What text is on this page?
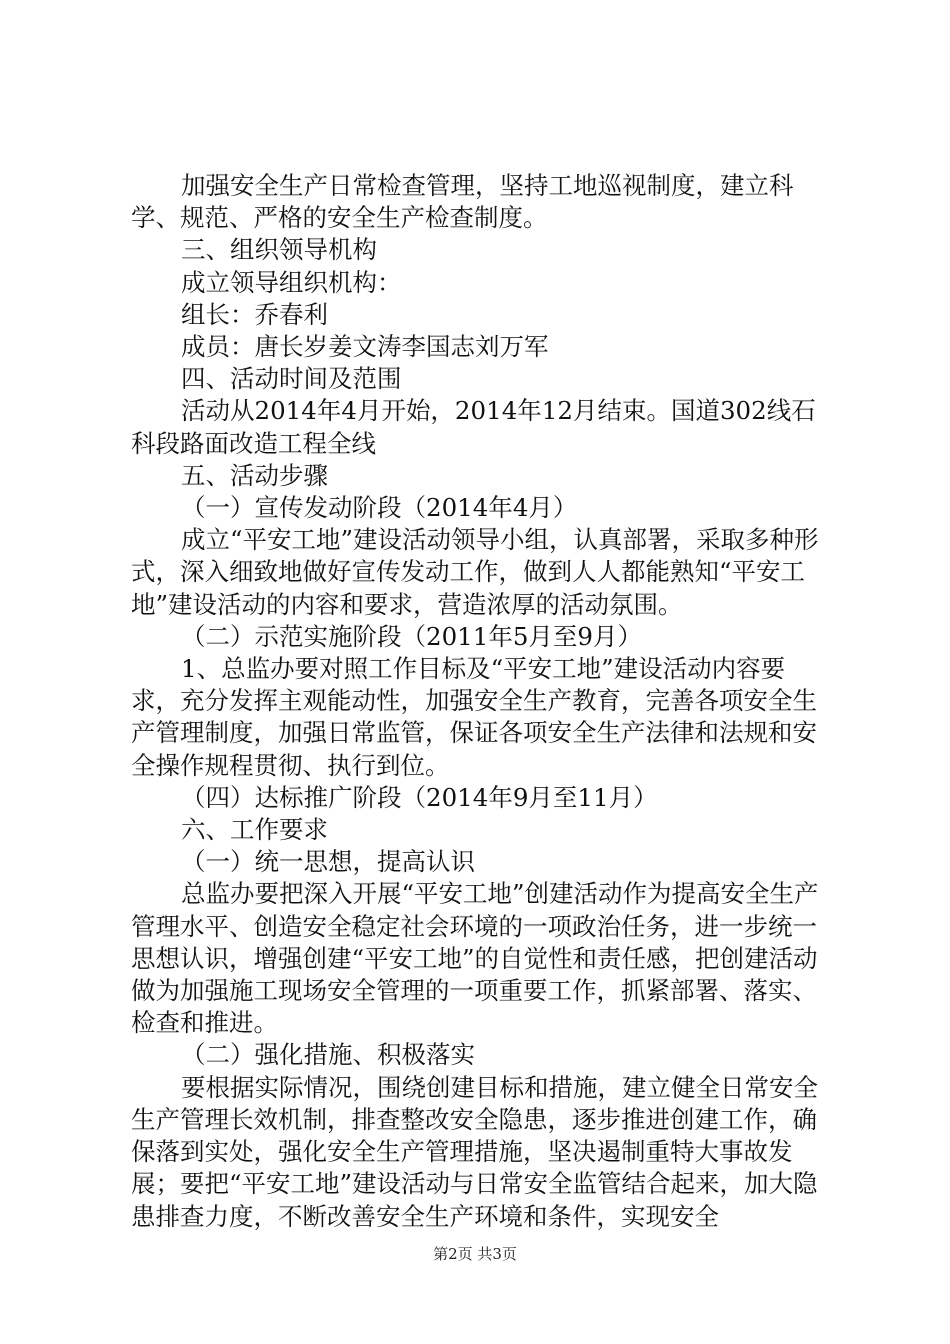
加强安全生产日常检查管理，坚持工地巡视制度，建立科学、规范、严格的安全生产检查制度。

三、组织领导机构

成立领导组织机构：

组长：乔春利

成员：唐长岁姜文涛李国志刘万军

四、活动时间及范围

活动从2014年4月开始，2014年12月结束。国道302线石科段路面改造工程全线

五、活动步骤

（一）宣传发动阶段（2014年4月）

成立“平安工地”建设活动领导小组，认真部署，采取多种形式，深入细致地做好宣传发动工作，做到人人都能熟知“平安工地”建设活动的内容和要求，营造浓厚的活动氛围。

（二）示范实施阶段（2011年5月至9月）

1、总监办要对照工作目标及“平安工地”建设活动内容要求，充分发挥主观能动性，加强安全生产教育，完善各项安全生产管理制度，加强日常监管，保证各项安全生产法律和法规和安全操作规程贯彻、执行到位。

（四）达标推广阶段（2014年9月至11月）

六、工作要求

（一）统一思想，提高认识

总监办要把深入开展“平安工地”创建活动作为提高安全生产管理水平、创造安全稳定社会环境的一项政治任务，进一步统一思想认识，增强创建“平安工地”的自觉性和责任感，把创建活动做为加强施工现场安全管理的一项重要工作，抓紧部署、落实、检查和推进。

（二）强化措施、积极落实

要根据实际情况，围绕创建目标和措施，建立健全日常安全生产管理长效机制，排查整改安全隐患，逐步推进创建工作，确保落到实处，强化安全生产管理措施，坚决遏制重特大事故发展；要把“平安工地”建设活动与日常安全监管结合起来，加大隐患排查力度，不断改善安全生产环境和条件，实现安全

第2页 共3页
